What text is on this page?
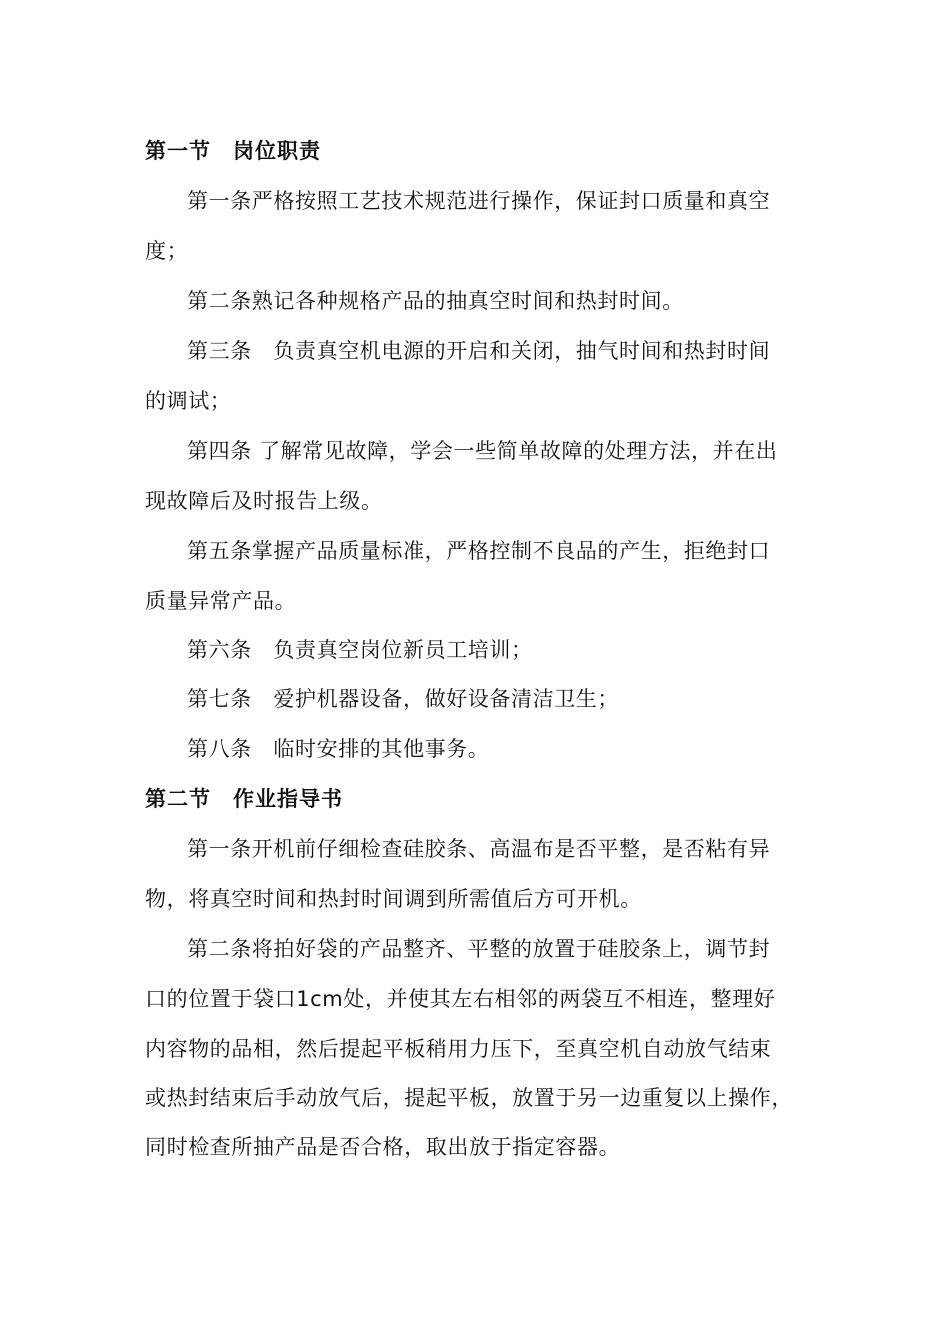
第一节　岗位职责
第一条严格按照工艺技术规范进行操作，保证封口质量和真空
度；
第二条熟记各种规格产品的抽真空时间和热封时间。
第三条　负责真空机电源的开启和关闭，抽气时间和热封时间
的调试；
第四条 了解常见故障，学会一些简单故障的处理方法，并在出
现故障后及时报告上级。
第五条掌握产品质量标准，严格控制不良品的产生，拒绝封口
质量异常产品。
第六条　负责真空岗位新员工培训；
第七条　爱护机器设备，做好设备清洁卫生；
第八条　临时安排的其他事务。
第二节　作业指导书
第一条开机前仔细检查硅胶条、高温布是否平整，是否粘有异
物，将真空时间和热封时间调到所需值后方可开机。
第二条将拍好袋的产品整齐、平整的放置于硅胶条上，调节封
口的位置于袋口1cm处，并使其左右相邻的两袋互不相连，整理好
内容物的品相，然后提起平板稍用力压下，至真空机自动放气结束
或热封结束后手动放气后，提起平板，放置于另一边重复以上操作，
同时检查所抽产品是否合格，取出放于指定容器。
